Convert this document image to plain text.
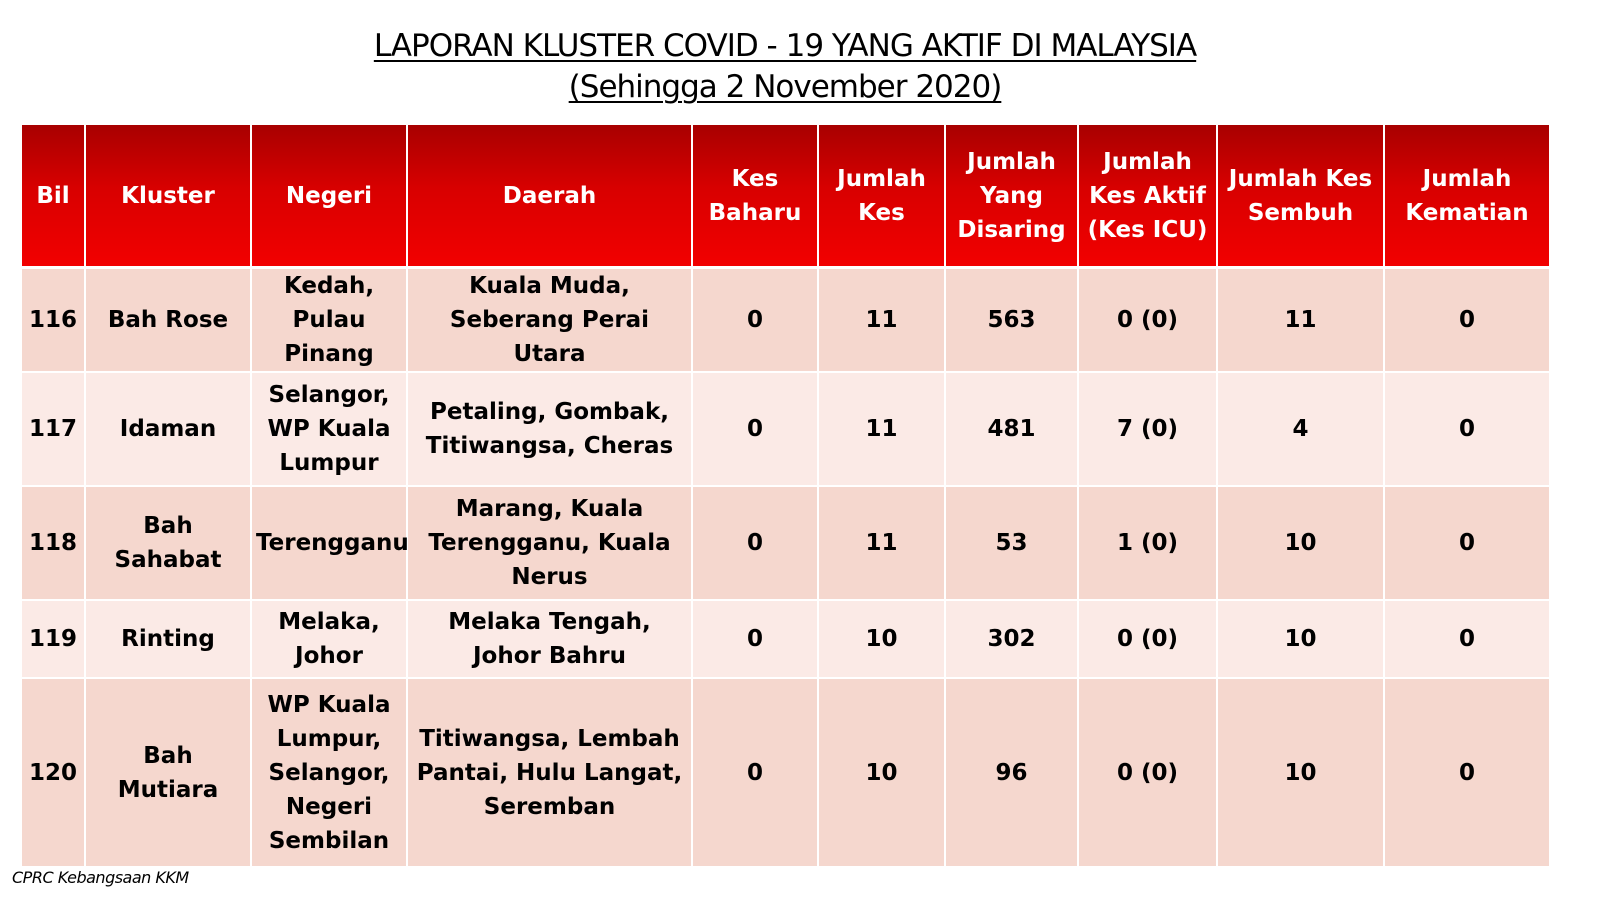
LAPORAN KLUSTER COVID - 19 YANG AKTIF DI MALAYSIA
(Sehingga 2 November 2020)
Bil	Kluster	Negeri	Daerah	Kes Baharu	Jumlah Kes	Jumlah Yang Disaring	Jumlah Kes Aktif (Kes ICU)	Jumlah Kes Sembuh	Jumlah Kematian
116	Bah Rose	Kedah, Pulau Pinang	Kuala Muda, Seberang Perai Utara	0	11	563	0 (0)	11	0
117	Idaman	Selangor, WP Kuala Lumpur	Petaling, Gombak, Titiwangsa, Cheras	0	11	481	7 (0)	4	0
118	Bah Sahabat	Terengganu	Marang, Kuala Terengganu, Kuala Nerus	0	11	53	1 (0)	10	0
119	Rinting	Melaka, Johor	Melaka Tengah, Johor Bahru	0	10	302	0 (0)	10	0
120	Bah Mutiara	WP Kuala Lumpur, Selangor, Negeri Sembilan	Titiwangsa, Lembah Pantai, Hulu Langat, Seremban	0	10	96	0 (0)	10	0
CPRC Kebangsaan KKM
